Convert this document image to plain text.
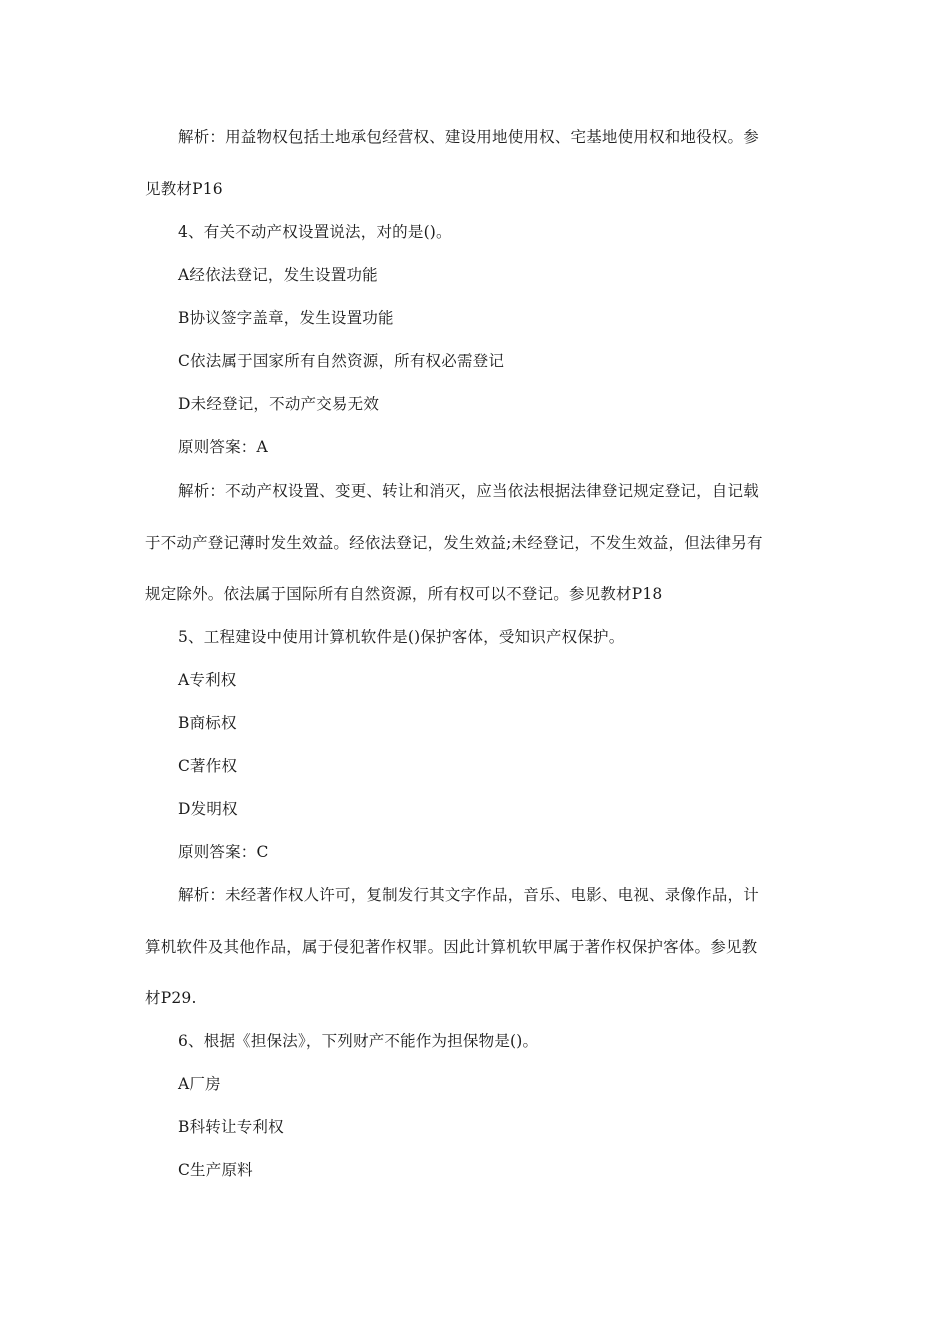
解析：用益物权包括土地承包经营权、建设用地使用权、宅基地使用权和地役权。参

见教材P16

4、有关不动产权设置说法，对的是()。

A经依法登记，发生设置功能

B协议签字盖章，发生设置功能

C依法属于国家所有自然资源，所有权必需登记

D未经登记，不动产交易无效

原则答案：A

解析：不动产权设置、变更、转让和消灭，应当依法根据法律登记规定登记，自记载

于不动产登记薄时发生效益。经依法登记，发生效益;未经登记，不发生效益，但法律另有

规定除外。依法属于国际所有自然资源，所有权可以不登记。参见教材P18

5、工程建设中使用计算机软件是()保护客体，受知识产权保护。

A专利权

B商标权

C著作权

D发明权

原则答案：C

解析：未经著作权人许可，复制发行其文字作品，音乐、电影、电视、录像作品，计

算机软件及其他作品，属于侵犯著作权罪。因此计算机软甲属于著作权保护客体。参见教

材P29.

6、根据《担保法》，下列财产不能作为担保物是()。

A厂房

B科转让专利权

C生产原料
